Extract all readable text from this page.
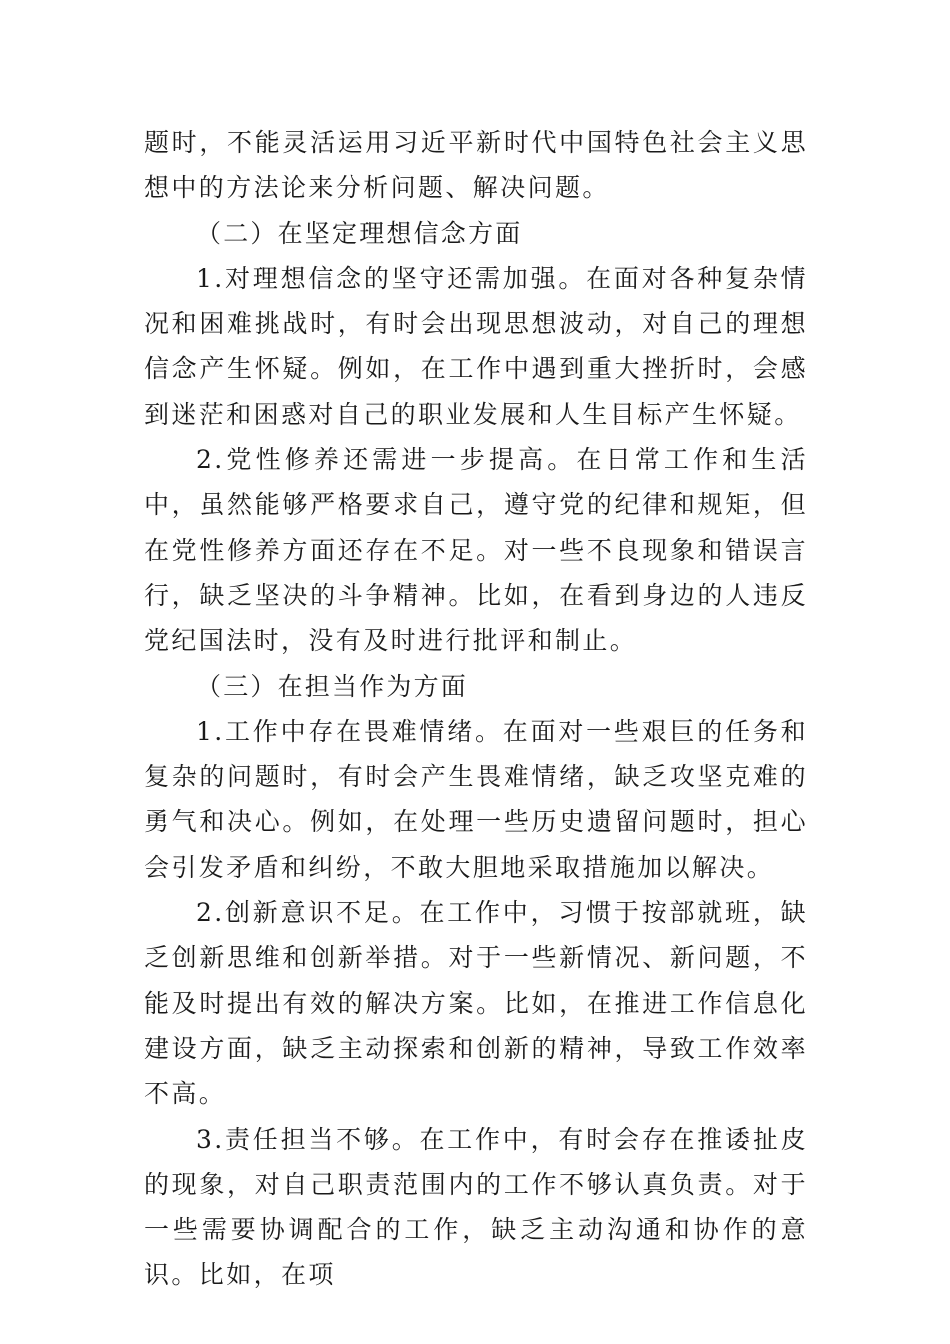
题时，不能灵活运用习近平新时代中国特色社会主义思想中的方法论来分析问题、解决问题。

（二）在坚定理想信念方面

1.对理想信念的坚守还需加强。在面对各种复杂情况和困难挑战时，有时会出现思想波动，对自己的理想信念产生怀疑。例如，在工作中遇到重大挫折时，会感到迷茫和困惑对自己的职业发展和人生目标产生怀疑。

2.党性修养还需进一步提高。在日常工作和生活中，虽然能够严格要求自己，遵守党的纪律和规矩，但在党性修养方面还存在不足。对一些不良现象和错误言行，缺乏坚决的斗争精神。比如，在看到身边的人违反党纪国法时，没有及时进行批评和制止。

（三）在担当作为方面

1.工作中存在畏难情绪。在面对一些艰巨的任务和复杂的问题时，有时会产生畏难情绪，缺乏攻坚克难的勇气和决心。例如，在处理一些历史遗留问题时，担心会引发矛盾和纠纷，不敢大胆地采取措施加以解决。

2.创新意识不足。在工作中，习惯于按部就班，缺乏创新思维和创新举措。对于一些新情况、新问题，不能及时提出有效的解决方案。比如，在推进工作信息化建设方面，缺乏主动探索和创新的精神，导致工作效率不高。

3.责任担当不够。在工作中，有时会存在推诿扯皮的现象，对自己职责范围内的工作不够认真负责。对于一些需要协调配合的工作，缺乏主动沟通和协作的意识。比如，在项
